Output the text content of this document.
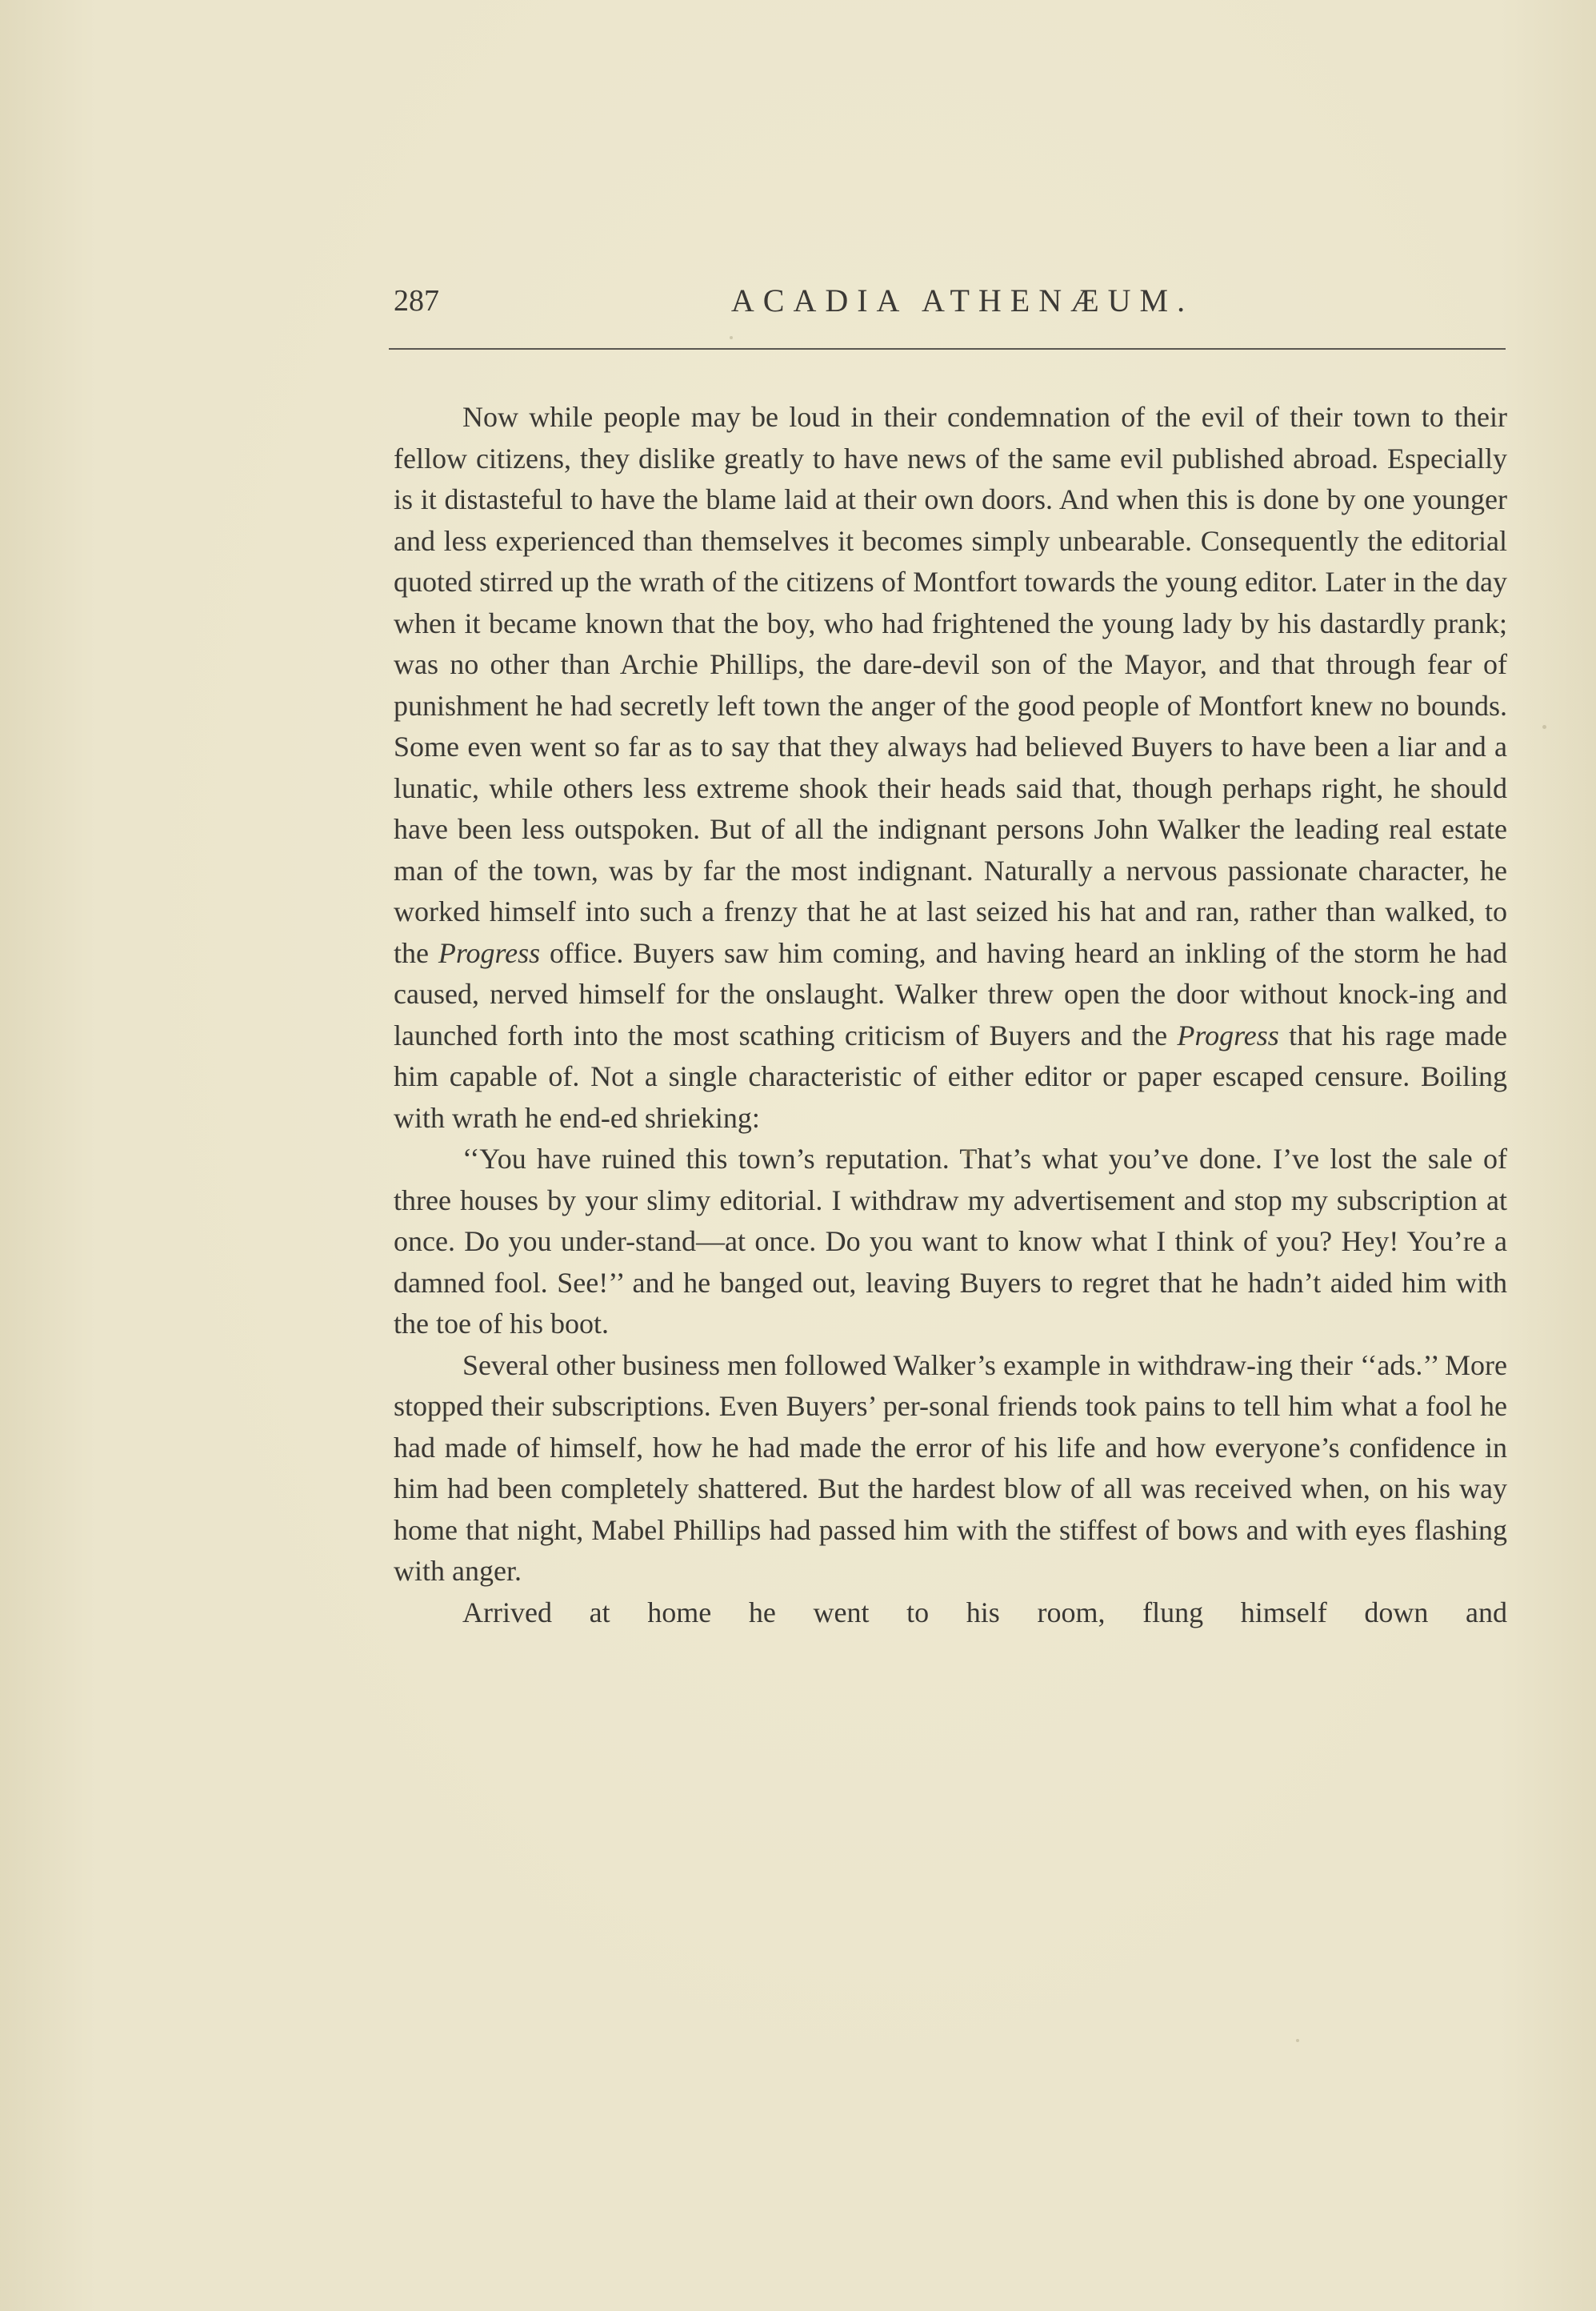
287	ACADIA ATHENÆUM.

Now while people may be loud in their condemnation of the evil of their town to their fellow citizens, they dislike greatly to have news of the same evil published abroad. Especially is it distasteful to have the blame laid at their own doors. And when this is done by one younger and less experienced than themselves it becomes simply unbearable. Consequently the editorial quoted stirred up the wrath of the citizens of Montfort towards the young editor. Later in the day when it became known that the boy, who had frightened the young lady by his dastardly prank; was no other than Archie Phillips, the dare-devil son of the Mayor, and that through fear of punishment he had secretly left town the anger of the good people of Montfort knew no bounds. Some even went so far as to say that they always had believed Buyers to have been a liar and a lunatic, while others less extreme shook their heads said that, though perhaps right, he should have been less outspoken. But of all the indignant persons John Walker the leading real estate man of the town, was by far the most indignant. Naturally a nervous passionate character, he worked himself into such a frenzy that he at last seized his hat and ran, rather than walked, to the Progress office. Buyers saw him coming, and having heard an inkling of the storm he had caused, nerved himself for the onslaught. Walker threw open the door without knock-ing and launched forth into the most scathing criticism of Buyers and the Progress that his rage made him capable of. Not a single characteristic of either editor or paper escaped censure. Boiling with wrath he end-ed shrieking:

‘‘You have ruined this town’s reputation. That’s what you’ve done. I’ve lost the sale of three houses by your slimy editorial. I withdraw my advertisement and stop my subscription at once. Do you under-stand—at once. Do you want to know what I think of you? Hey! You’re a damned fool. See!’’ and he banged out, leaving Buyers to regret that he hadn’t aided him with the toe of his boot.

Several other business men followed Walker’s example in withdraw-ing their ‘‘ads.’’ More stopped their subscriptions. Even Buyers’ per-sonal friends took pains to tell him what a fool he had made of himself, how he had made the error of his life and how everyone’s confidence in him had been completely shattered. But the hardest blow of all was received when, on his way home that night, Mabel Phillips had passed him with the stiffest of bows and with eyes flashing with anger.

Arrived at home he went to his room, flung himself down and
